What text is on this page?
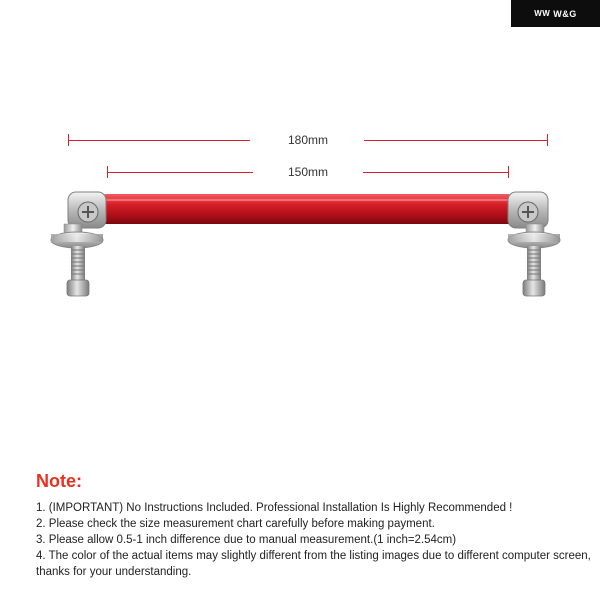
WW W&G
180mm
150mm
Note:
1. (IMPORTANT) No Instructions Included. Professional Installation Is Highly Recommended !
2. Please check the size measurement chart carefully before making payment.
3. Please allow 0.5-1 inch difference due to manual measurement.(1 inch=2.54cm)
4. The color of the actual items may slightly different from the listing images due to different computer screen, thanks for your understanding.
